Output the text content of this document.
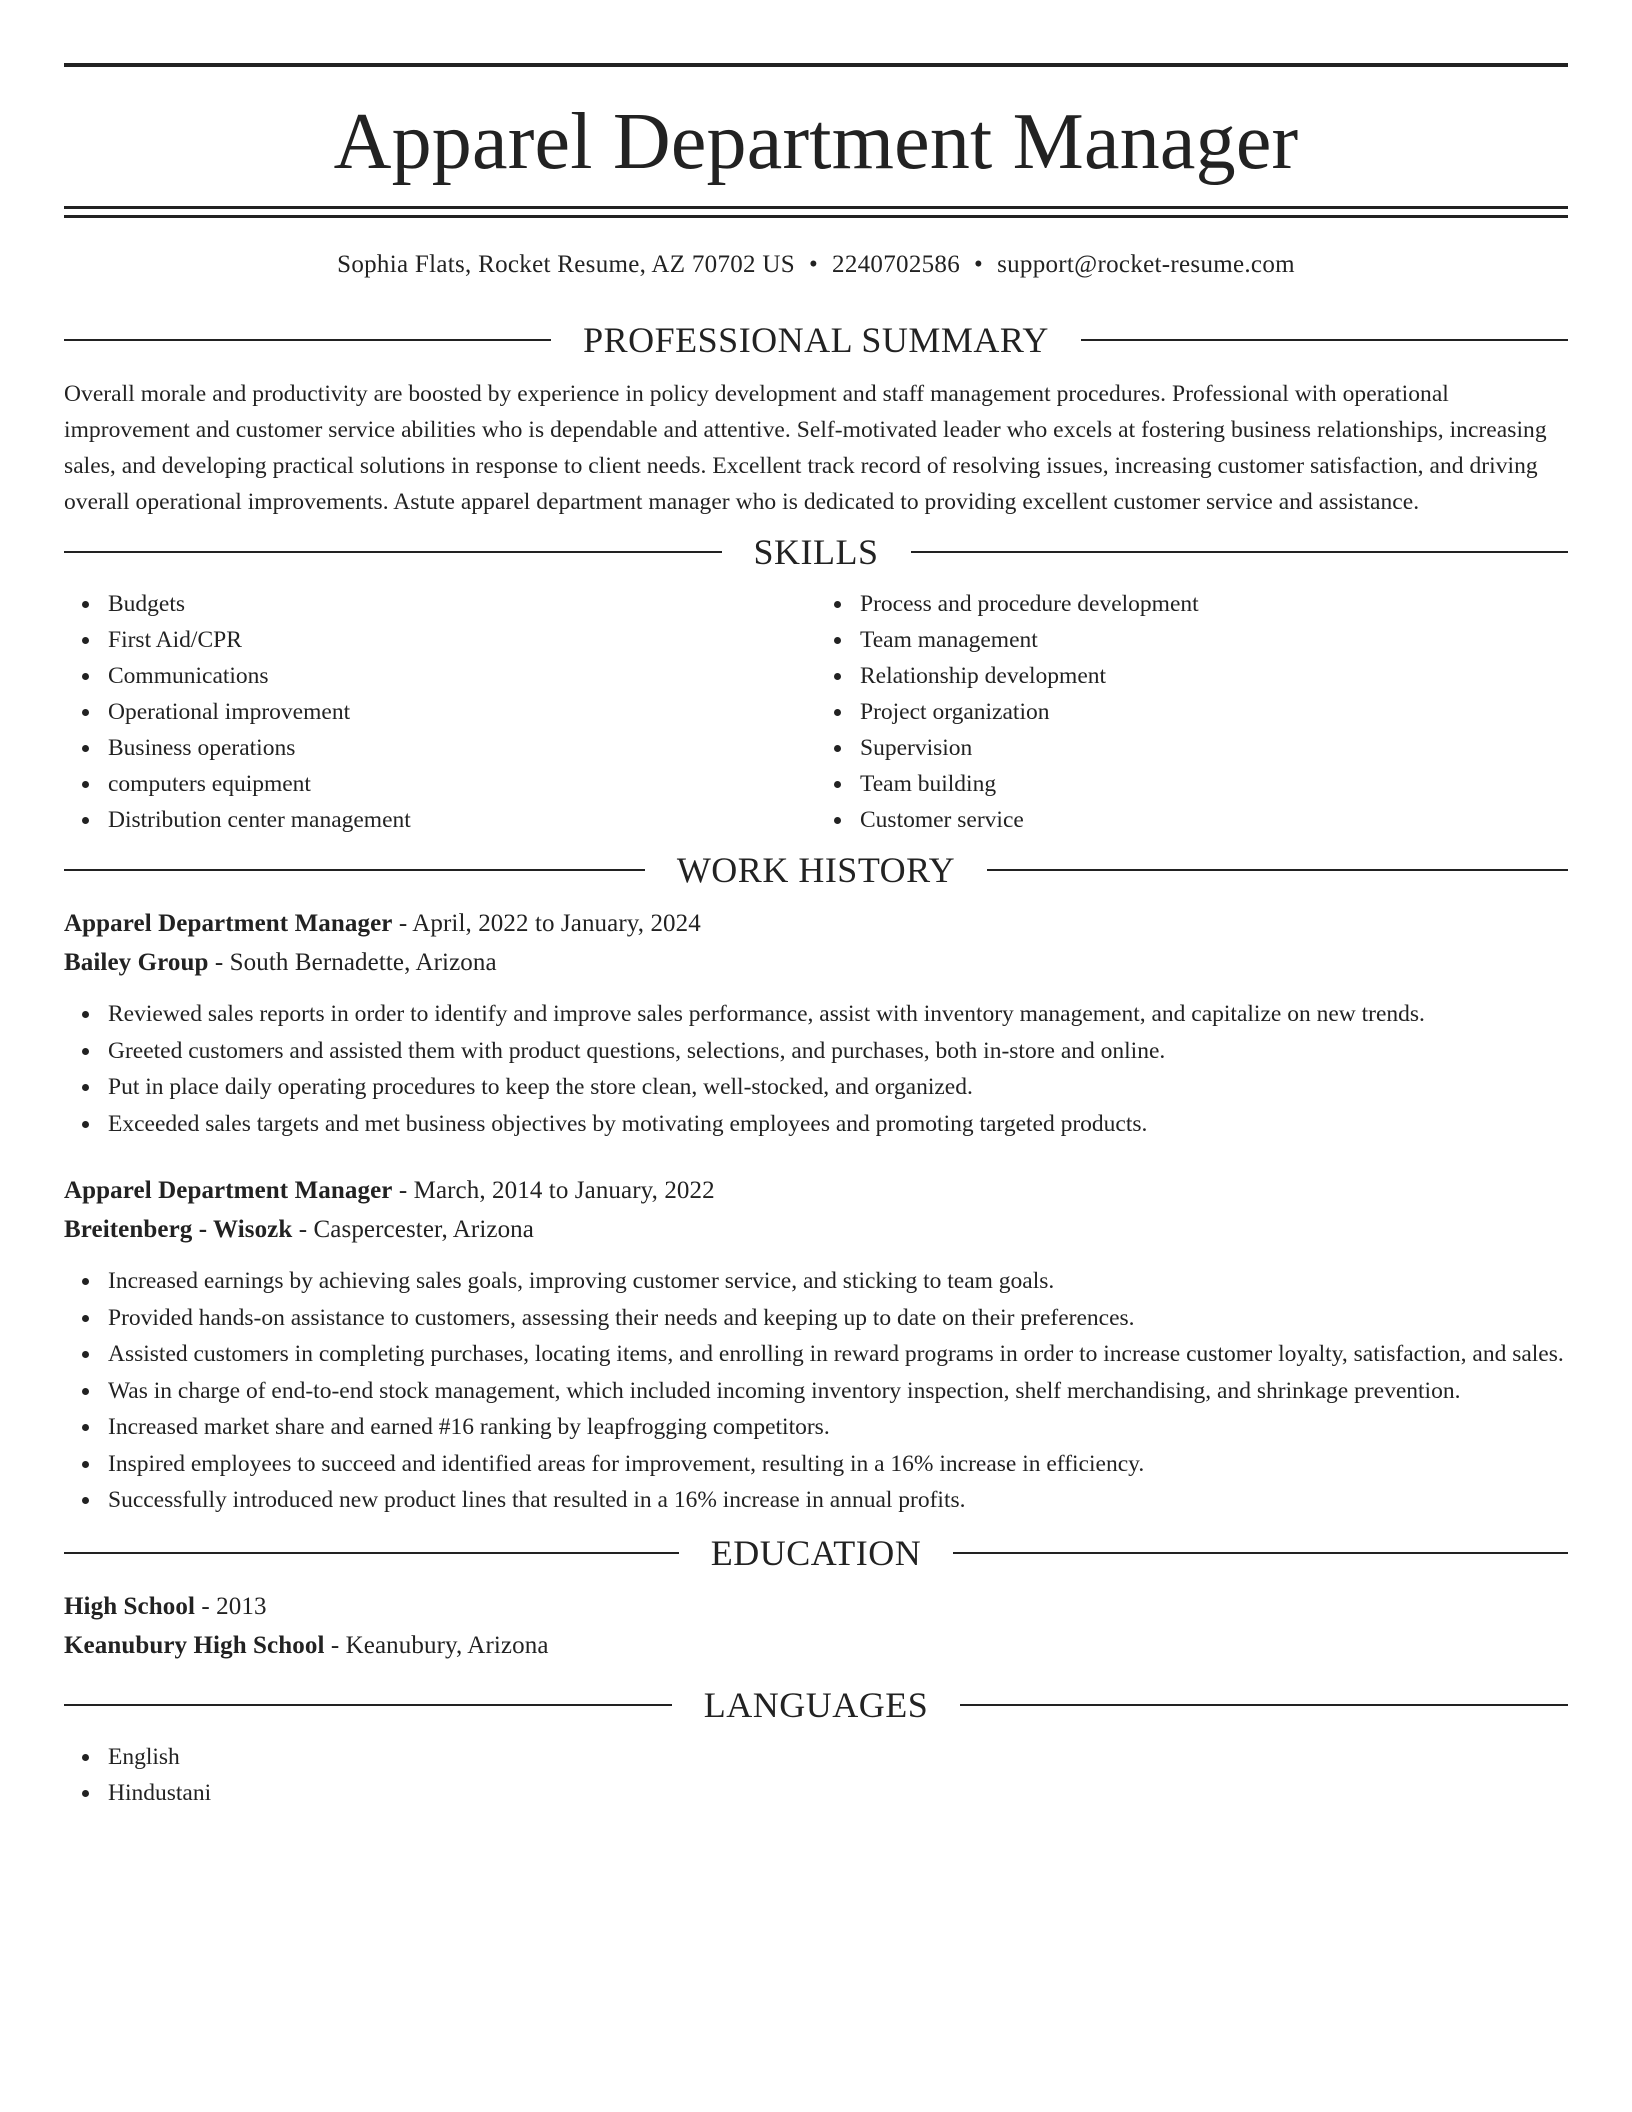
Apparel Department Manager
Sophia Flats, Rocket Resume, AZ 70702 US • 2240702586 • support@rocket-resume.com
PROFESSIONAL SUMMARY

Overall morale and productivity are boosted by experience in policy development and staff management procedures. Professional with operational improvement and customer service abilities who is dependable and attentive. Self-motivated leader who excels at fostering business relationships, increasing sales, and developing practical solutions in response to client needs. Excellent track record of resolving issues, increasing customer satisfaction, and driving overall operational improvements. Astute apparel department manager who is dedicated to providing excellent customer service and assistance.

SKILLS
Budgets
First Aid/CPR
Communications
Operational improvement
Business operations
computers equipment
Distribution center management
Process and procedure development
Team management
Relationship development
Project organization
Supervision
Team building
Customer service
WORK HISTORY
Apparel Department Manager - April, 2022 to January, 2024
Bailey Group - South Bernadette, Arizona
Reviewed sales reports in order to identify and improve sales performance, assist with inventory management, and capitalize on new trends.
Greeted customers and assisted them with product questions, selections, and purchases, both in-store and online.
Put in place daily operating procedures to keep the store clean, well-stocked, and organized.
Exceeded sales targets and met business objectives by motivating employees and promoting targeted products.
Apparel Department Manager - March, 2014 to January, 2022
Breitenberg - Wisozk - Caspercester, Arizona
Increased earnings by achieving sales goals, improving customer service, and sticking to team goals.
Provided hands-on assistance to customers, assessing their needs and keeping up to date on their preferences.
Assisted customers in completing purchases, locating items, and enrolling in reward programs in order to increase customer loyalty, satisfaction, and sales.
Was in charge of end-to-end stock management, which included incoming inventory inspection, shelf merchandising, and shrinkage prevention.
Increased market share and earned #16 ranking by leapfrogging competitors.
Inspired employees to succeed and identified areas for improvement, resulting in a 16% increase in efficiency.
Successfully introduced new product lines that resulted in a 16% increase in annual profits.
EDUCATION
High School - 2013
Keanubury High School - Keanubury, Arizona
LANGUAGES
English
Hindustani
